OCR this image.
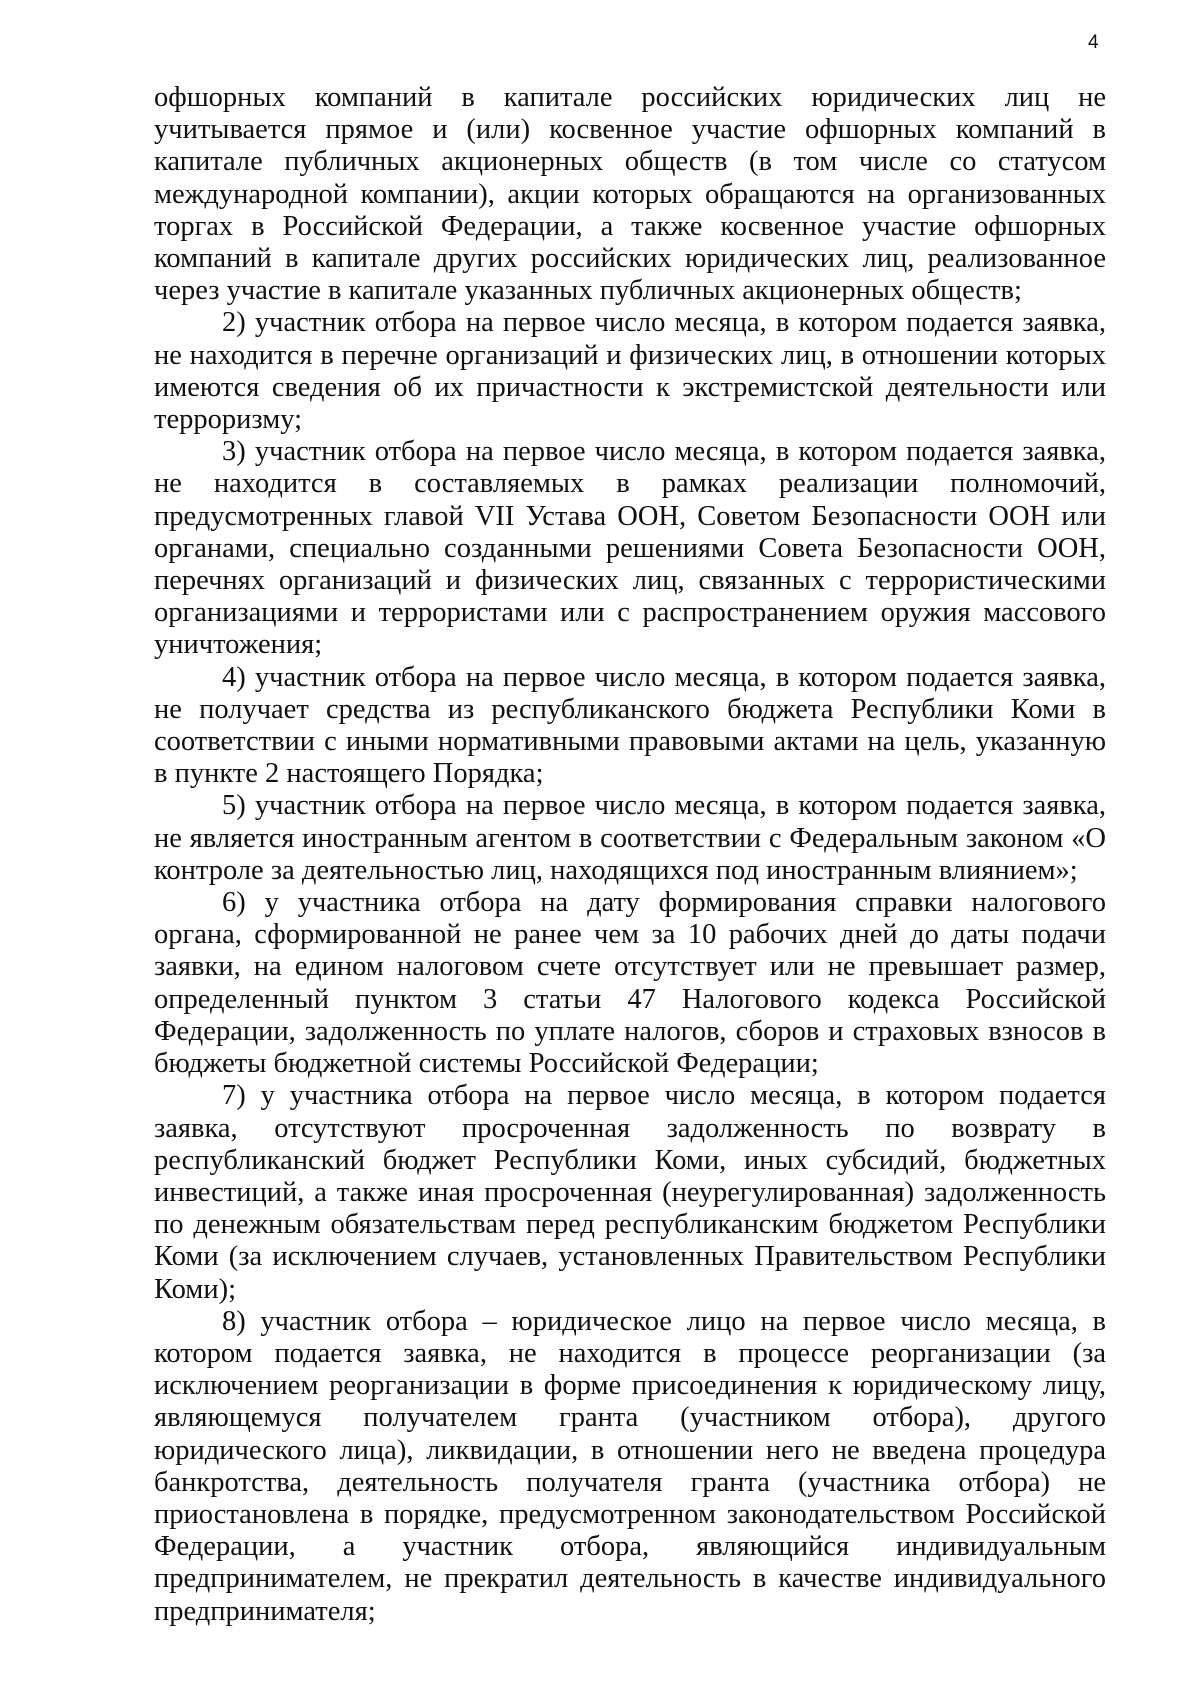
4

офшорных компаний в капитале российских юридических лиц не учитывается прямое и (или) косвенное участие офшорных компаний в капитале публичных акционерных обществ (в том числе со статусом международной компании), акции которых обращаются на организованных торгах в Российской Федерации, а также косвенное участие офшорных компаний в капитале других российских юридических лиц, реализованное через участие в капитале указанных публичных акционерных обществ;

2) участник отбора на первое число месяца, в котором подается заявка, не находится в перечне организаций и физических лиц, в отношении которых имеются сведения об их причастности к экстремистской деятельности или терроризму;

3) участник отбора на первое число месяца, в котором подается заявка, не находится в составляемых в рамках реализации полномочий, предусмотренных главой VII Устава ООН, Советом Безопасности ООН или органами, специально созданными решениями Совета Безопасности ООН, перечнях организаций и физических лиц, связанных с террористическими организациями и террористами или с распространением оружия массового уничтожения;

4) участник отбора на первое число месяца, в котором подается заявка, не получает средства из республиканского бюджета Республики Коми в соответствии с иными нормативными правовыми актами на цель, указанную в пункте 2 настоящего Порядка;

5) участник отбора на первое число месяца, в котором подается заявка, не является иностранным агентом в соответствии с Федеральным законом «О контроле за деятельностью лиц, находящихся под иностранным влиянием»;

6) у участника отбора на дату формирования справки налогового органа, сформированной не ранее чем за 10 рабочих дней до даты подачи заявки, на едином налоговом счете отсутствует или не превышает размер, определенный пунктом 3 статьи 47 Налогового кодекса Российской Федерации, задолженность по уплате налогов, сборов и страховых взносов в бюджеты бюджетной системы Российской Федерации;

7) у участника отбора на первое число месяца, в котором подается заявка, отсутствуют просроченная задолженность по возврату в республиканский бюджет Республики Коми, иных субсидий, бюджетных инвестиций, а также иная просроченная (неурегулированная) задолженность по денежным обязательствам перед республиканским бюджетом Республики Коми (за исключением случаев, установленных Правительством Республики Коми);

8) участник отбора – юридическое лицо на первое число месяца, в котором подается заявка, не находится в процессе реорганизации (за исключением реорганизации в форме присоединения к юридическому лицу, являющемуся получателем гранта (участником отбора), другого юридического лица), ликвидации, в отношении него не введена процедура банкротства, деятельность получателя гранта (участника отбора) не приостановлена в порядке, предусмотренном законодательством Российской Федерации, а участник отбора, являющийся индивидуальным предпринимателем, не прекратил деятельность в качестве индивидуального предпринимателя;
